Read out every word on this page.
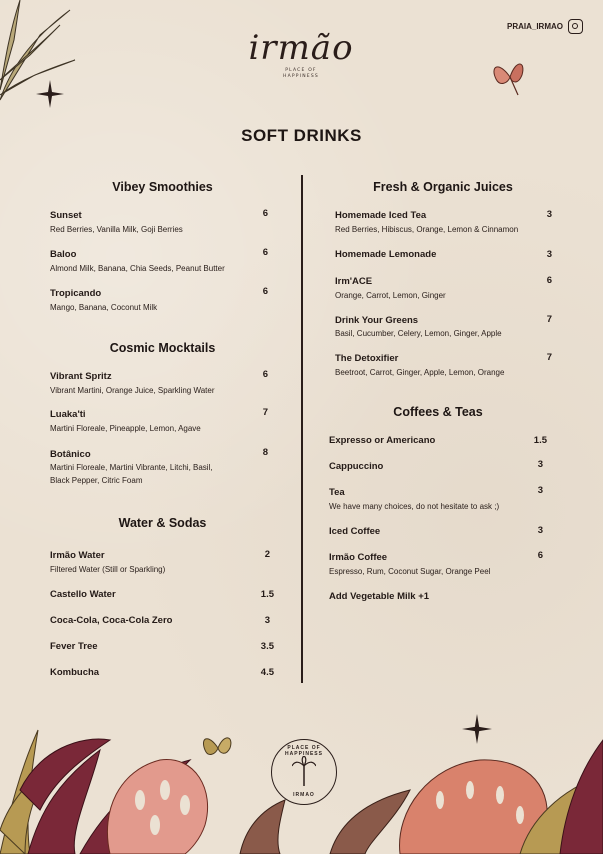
irmão
PLACE OF
HAPPINESS
PRAIA_IRMAO
SOFT DRINKS
Vibey Smoothies
Sunset	6
Red Berries, Vanilla Milk, Goji Berries
Baloo	6
Almond Milk, Banana, Chia Seeds, Peanut Butter
Tropicando	6
Mango, Banana, Coconut Milk
Cosmic Mocktails
Vibrant Spritz	6
Vibrant Martini, Orange Juice, Sparkling Water
Luaka'ti	7
Martini Floreale, Pineapple, Lemon, Agave
Botânico	8
Martini Floreale, Martini Vibrante, Litchi, Basil,
Black Pepper, Citric Foam
Water & Sodas
Irmão Water	2
Filtered Water (Still or Sparkling)
Castello Water	1.5
Coca-Cola, Coca-Cola Zero	3
Fever Tree	3.5
Kombucha	4.5
Fresh & Organic Juices
Homemade Iced Tea	3
Red Berries, Hibiscus, Orange, Lemon & Cinnamon
Homemade Lemonade	3
Irm'ACE	6
Orange, Carrot, Lemon, Ginger
Drink Your Greens	7
Basil, Cucumber, Celery, Lemon, Ginger, Apple
The Detoxifier	7
Beetroot, Carrot, Ginger, Apple, Lemon, Orange
Coffees & Teas
Expresso or Americano	1.5
Cappuccino	3
Tea	3
We have many choices, do not hesitate to ask ;)
Iced Coffee	3
Irmão Coffee	6
Espresso, Rum, Coconut Sugar, Orange Peel
Add Vegetable Milk +1
PLACE OF HAPPINESS
IRMAO
